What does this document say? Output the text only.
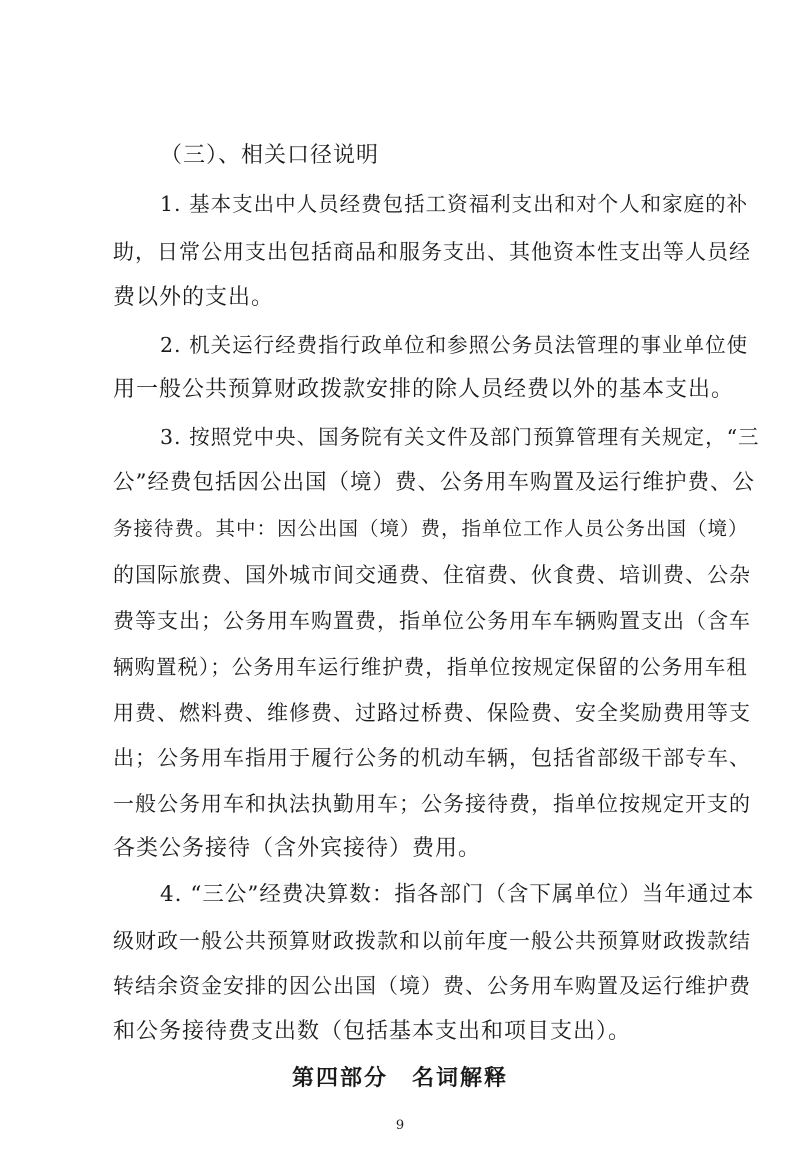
（三）、相关口径说明

1. 基本支出中人员经费包括工资福利支出和对个人和家庭的补

助，日常公用支出包括商品和服务支出、其他资本性支出等人员经

费以外的支出。

2. 机关运行经费指行政单位和参照公务员法管理的事业单位使

用一般公共预算财政拨款安排的除人员经费以外的基本支出。

3. 按照党中央、国务院有关文件及部门预算管理有关规定，“三

公”经费包括因公出国（境）费、公务用车购置及运行维护费、公

务接待费。其中：因公出国（境）费，指单位工作人员公务出国（境）

的国际旅费、国外城市间交通费、住宿费、伙食费、培训费、公杂

费等支出；公务用车购置费，指单位公务用车车辆购置支出（含车

辆购置税）；公务用车运行维护费，指单位按规定保留的公务用车租

用费、燃料费、维修费、过路过桥费、保险费、安全奖励费用等支

出；公务用车指用于履行公务的机动车辆，包括省部级干部专车、

一般公务用车和执法执勤用车；公务接待费，指单位按规定开支的

各类公务接待（含外宾接待）费用。

4. “三公”经费决算数：指各部门（含下属单位）当年通过本

级财政一般公共预算财政拨款和以前年度一般公共预算财政拨款结

转结余资金安排的因公出国（境）费、公务用车购置及运行维护费

和公务接待费支出数（包括基本支出和项目支出）。

第四部分　名词解释
9
